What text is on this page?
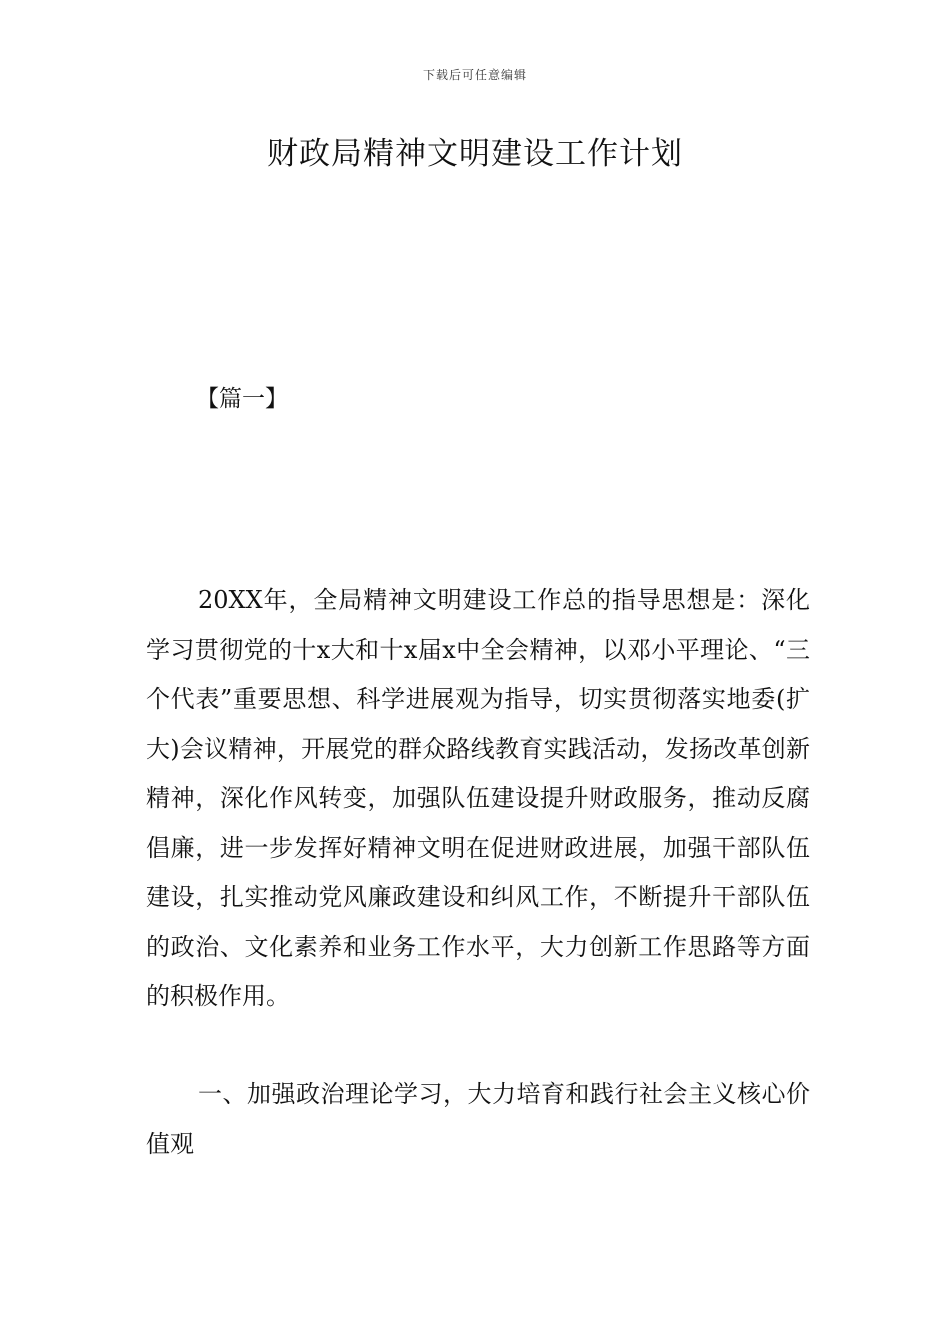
下载后可任意编辑
财政局精神文明建设工作计划
【篇一】

20XX年，全局精神文明建设工作总的指导思想是：深化学习贯彻党的十x大和十x届x中全会精神，以邓小平理论、“三个代表”重要思想、科学进展观为指导，切实贯彻落实地委(扩大)会议精神，开展党的群众路线教育实践活动，发扬改革创新精神，深化作风转变，加强队伍建设提升财政服务，推动反腐倡廉，进一步发挥好精神文明在促进财政进展，加强干部队伍建设，扎实推动党风廉政建设和纠风工作，不断提升干部队伍的政治、文化素养和业务工作水平，大力创新工作思路等方面的积极作用。

一、加强政治理论学习，大力培育和践行社会主义核心价值观
